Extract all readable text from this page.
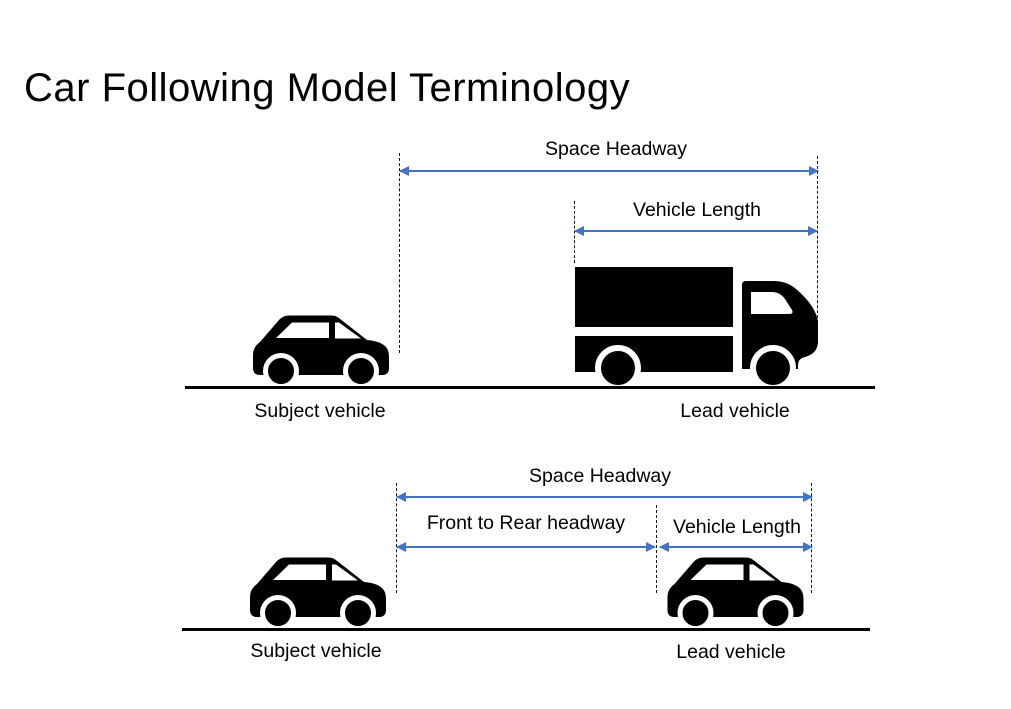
Car Following Model Terminology
Space Headway
Vehicle Length
Subject vehicle	Lead vehicle
Space Headway
Front to Rear headway Vehicle Length
Subject vehicle	Lead vehicle
